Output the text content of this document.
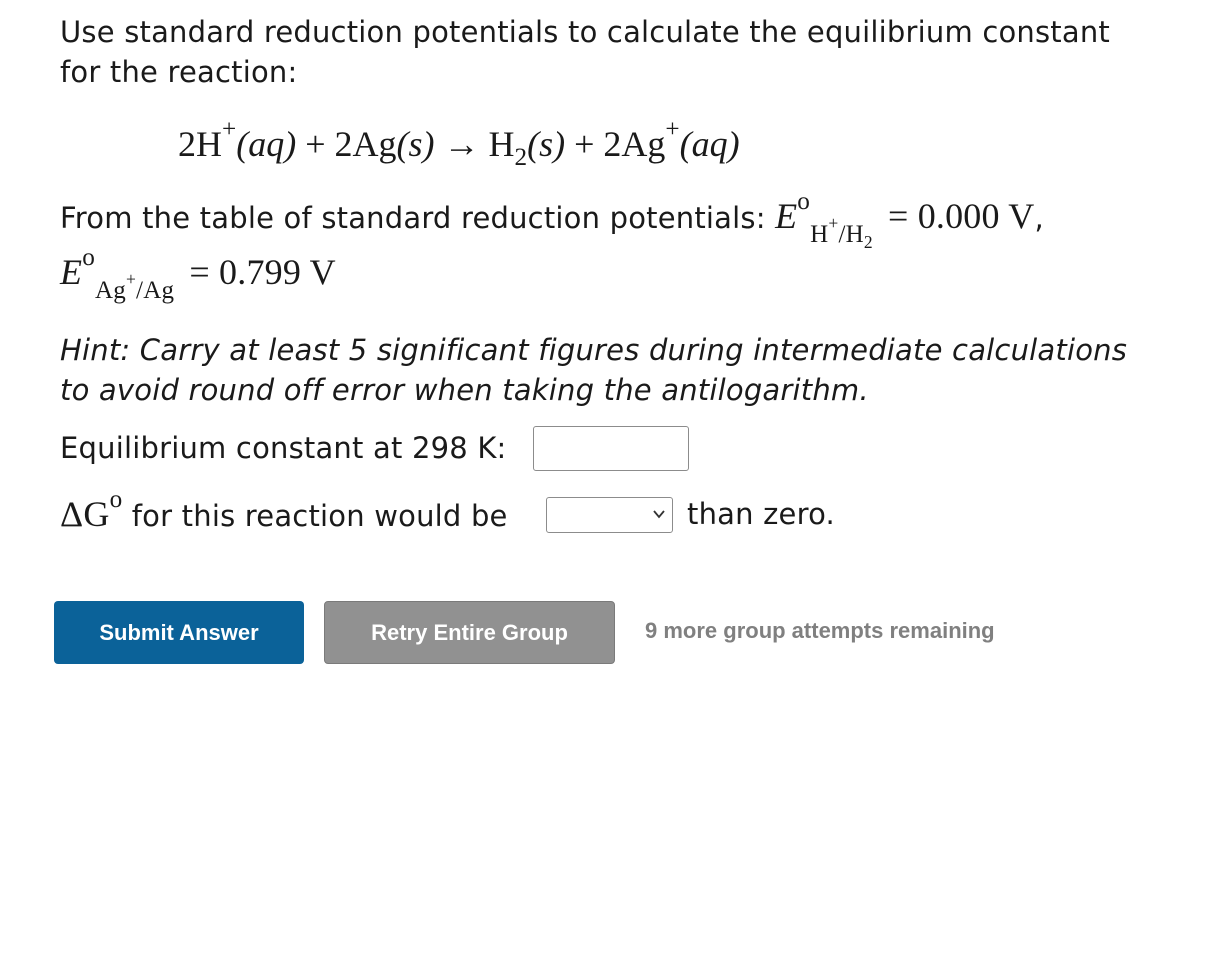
Use standard reduction potentials to calculate the equilibrium constant
for the reaction:
$2H^+(aq) + 2Ag(s) \to H_2(s) + 2Ag^+(aq)$
From the table of standard reduction potentials: $E^oH^+/H_2 = 0.000$ V,
$E^oAg^+/Ag = 0.799$ V
Hint: Carry at least 5 significant figures during intermediate calculations
to avoid round off error when taking the antilogarithm.
Equilibrium constant at 298 K:
$\Delta G^o$ for this reaction would be	than zero.
Submit Answer	Retry Entire Group	9 more group attempts remaining
